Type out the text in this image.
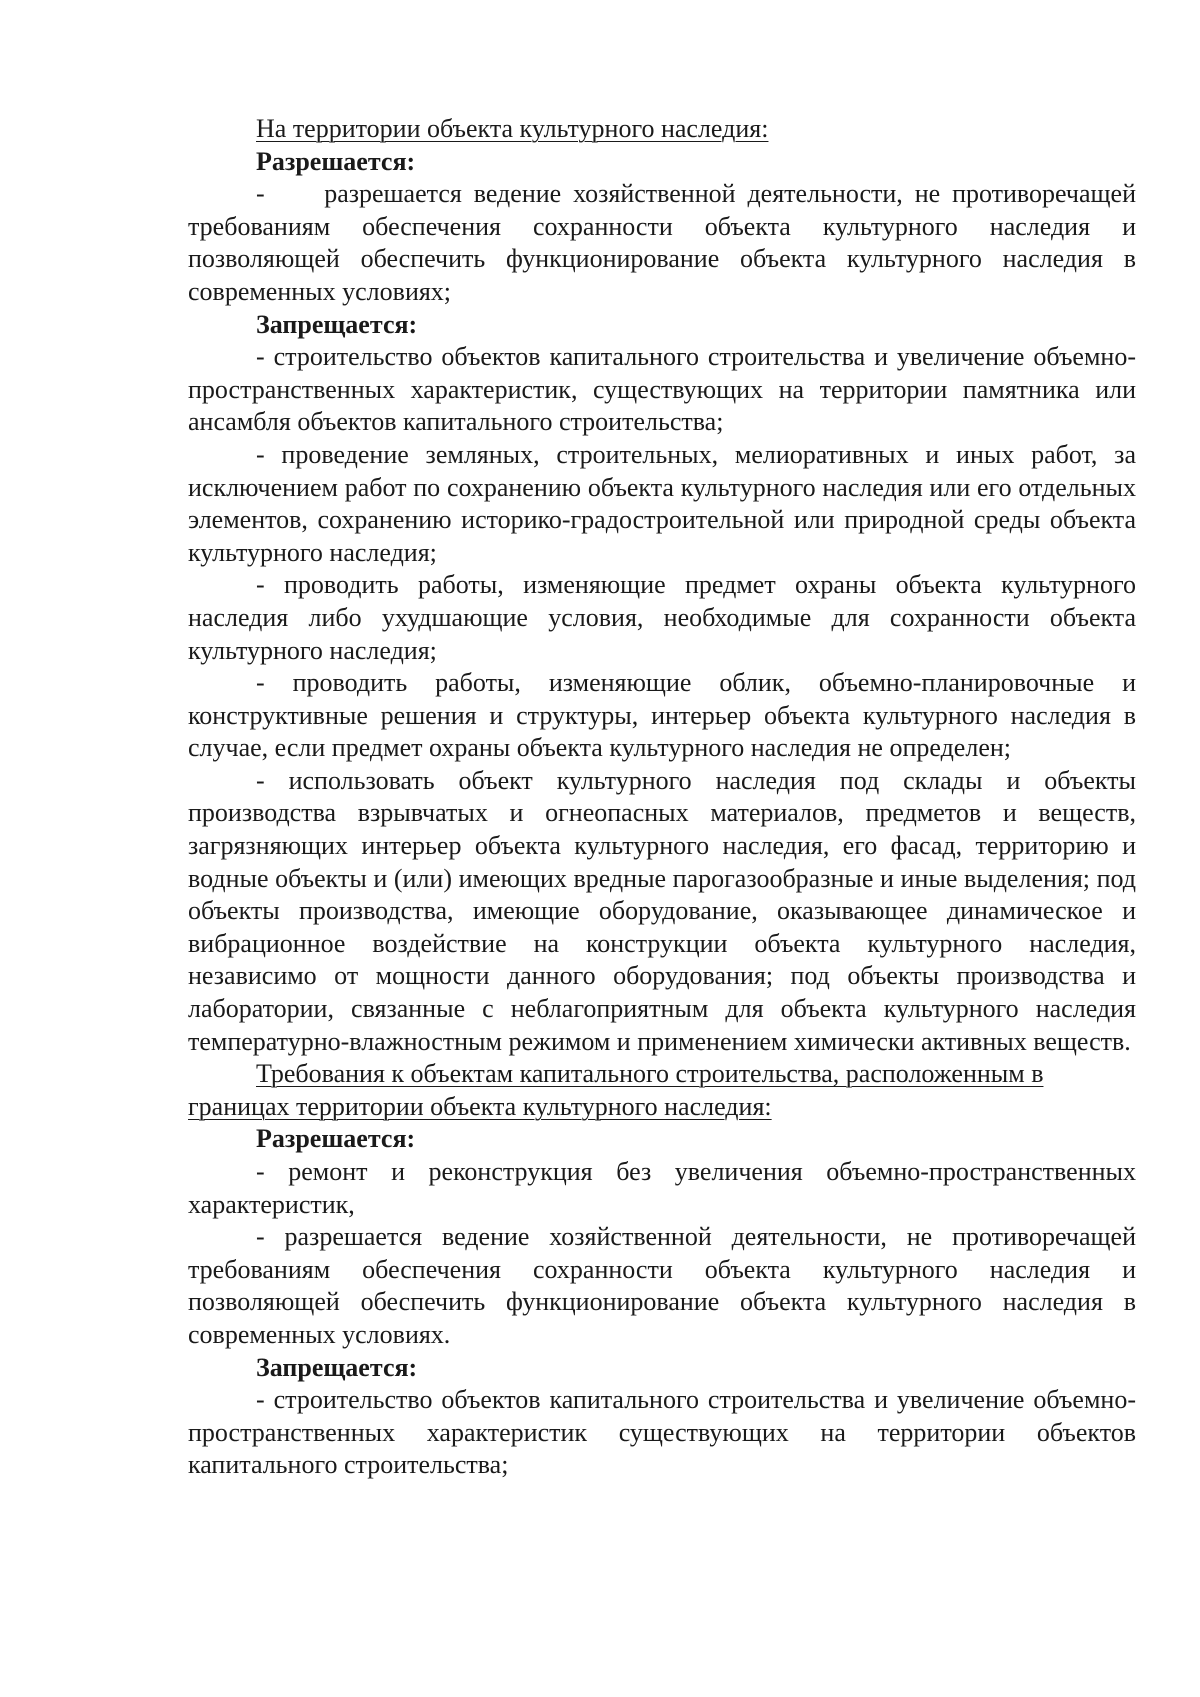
На территории объекта культурного наследия:

Разрешается:

-     разрешается ведение хозяйственной деятельности, не противоречащей требованиям обеспечения сохранности объекта культурного наследия и позволяющей обеспечить функционирование объекта культурного наследия в современных условиях;

Запрещается:

- строительство объектов капитального строительства и увеличение объемно-пространственных характеристик, существующих на территории памятника или ансамбля объектов капитального строительства;

- проведение земляных, строительных, мелиоративных и иных работ, за исключением работ по сохранению объекта культурного наследия или его отдельных элементов, сохранению историко-градостроительной или природной среды объекта культурного наследия;

- проводить работы, изменяющие предмет охраны объекта культурного наследия либо ухудшающие условия, необходимые для сохранности объекта культурного наследия;

- проводить работы, изменяющие облик, объемно-планировочные и конструктивные решения и структуры, интерьер объекта культурного наследия в случае, если предмет охраны объекта культурного наследия не определен;

- использовать объект культурного наследия под склады и объекты производства взрывчатых и огнеопасных материалов, предметов и веществ, загрязняющих интерьер объекта культурного наследия, его фасад, территорию и водные объекты и (или) имеющих вредные парогазообразные и иные выделения; под объекты производства, имеющие оборудование, оказывающее динамическое и вибрационное воздействие на конструкции объекта культурного наследия, независимо от мощности данного оборудования; под объекты производства и лаборатории, связанные с неблагоприятным для объекта культурного наследия температурно-влажностным режимом и применением химически активных веществ.

Требования к объектам капитального строительства, расположенным в границах территории объекта культурного наследия:

Разрешается:

- ремонт и реконструкция без увеличения объемно-пространственных характеристик,

- разрешается ведение хозяйственной деятельности, не противоречащей требованиям обеспечения сохранности объекта культурного наследия и позволяющей обеспечить функционирование объекта культурного наследия в современных условиях.

Запрещается:

- строительство объектов капитального строительства и увеличение объемно-пространственных характеристик существующих на территории объектов капитального строительства;
